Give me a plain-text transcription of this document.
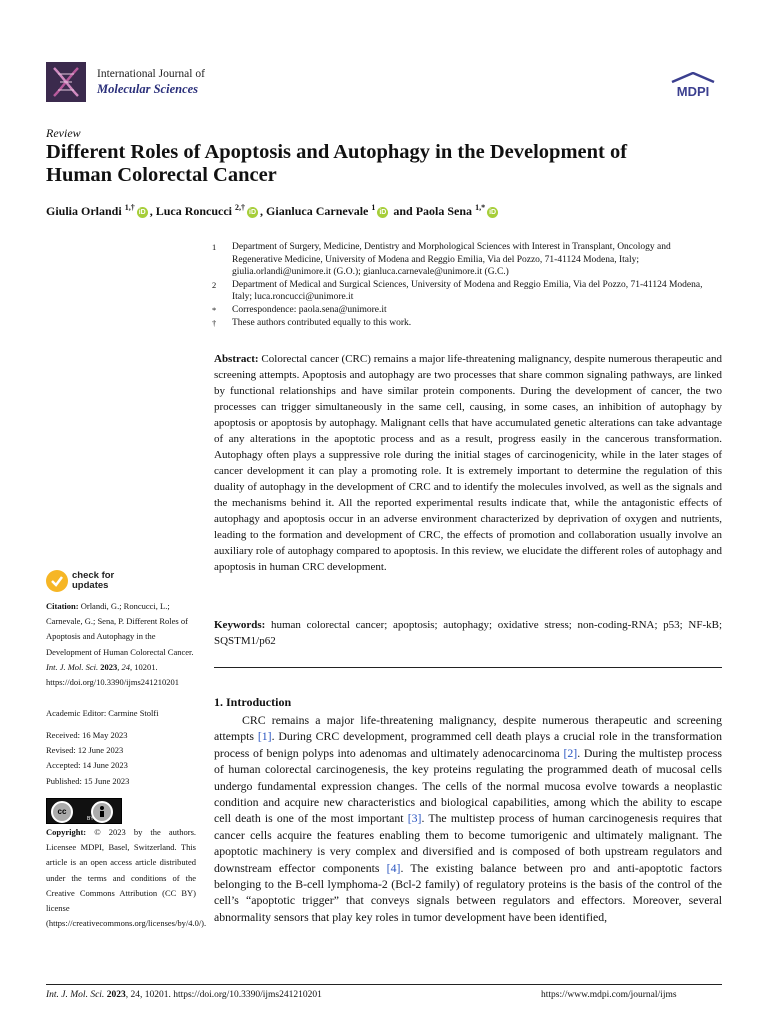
International Journal of
Molecular Sciences	MDPI
Review
Different Roles of Apoptosis and Autophagy in the Development of Human Colorectal Cancer
Giulia Orlandi $^{1,\dagger}$iD , Luca Roncucci $^{2,\dagger}$iD , Gianluca Carnevale $^1$iD and Paola Sena $^{1,*}$iD
1 Department of Surgery, Medicine, Dentistry and Morphological Sciences with Interest in Transplant, Oncology and Regenerative Medicine, University of Modena and Reggio Emilia, Via del Pozzo, 71-41124 Modena, Italy; giulia.orlandi@unimore.it (G.O.); gianluca.carnevale@unimore.it (G.C.)
2 Department of Medical and Surgical Sciences, University of Modena and Reggio Emilia, Via del Pozzo, 71-41124 Modena, Italy; luca.roncucci@unimore.it
* Correspondence: paola.sena@unimore.it
† These authors contributed equally to this work.
Abstract: Colorectal cancer (CRC) remains a major life-threatening malignancy, despite numerous therapeutic and screening attempts. Apoptosis and autophagy are two processes that share common signaling pathways, are linked by functional relationships and have similar protein components. During the development of cancer, the two processes can trigger simultaneously in the same cell, causing, in some cases, an inhibition of autophagy by apoptosis or apoptosis by autophagy. Malignant cells that have accumulated genetic alterations can take advantage of any alterations in the apoptotic process and as a result, progress easily in the cancerous transformation. Autophagy often plays a suppressive role during the initial stages of carcinogenicity, while in the later stages of cancer development it can play a promoting role. It is extremely important to determine the regulation of this duality of autophagy in the development of CRC and to identify the molecules involved, as well as the signals and the mechanisms behind it. All the reported experimental results indicate that, while the antagonistic effects of autophagy and apoptosis occur in an adverse environment characterized by deprivation of oxygen and nutrients, leading to the formation and development of CRC, the effects of promotion and collaboration usually involve an auxiliary role of autophagy compared to apoptosis. In this review, we elucidate the different roles of autophagy and apoptosis in human CRC development.
Keywords: human colorectal cancer; apoptosis; autophagy; oxidative stress; non-coding-RNA; p53; NF-kB; SQSTM1/p62
check for
updates
Citation: Orlandi, G.; Roncucci, L.; Carnevale, G.; Sena, P. Different Roles of Apoptosis and Autophagy in the Development of Human Colorectal Cancer. Int. J. Mol. Sci. 2023, 24, 10201. https://doi.org/10.3390/ijms241210201
Academic Editor: Carmine Stolfi
Received: 16 May 2023
Revised: 12 June 2023
Accepted: 14 June 2023
Published: 15 June 2023
cc
BY
Copyright: © 2023 by the authors. Licensee MDPI, Basel, Switzerland. This article is an open access article distributed under the terms and conditions of the Creative Commons Attribution (CC BY) license (https://creativecommons.org/licenses/by/4.0/).
1. Introduction
CRC remains a major life-threatening malignancy, despite numerous therapeutic and screening attempts [1]. During CRC development, programmed cell death plays a crucial role in the transformation process of benign polyps into adenomas and ultimately adenocarcinoma [2]. During the multistep process of human colorectal carcinogenesis, the key proteins regulating the programmed death of mucosal cells undergo fundamental expression changes. The cells of the normal mucosa evolve towards a neoplastic condition and acquire new characteristics and biological capabilities, among which the ability to escape cell death is one of the most important [3]. The multistep process of human carcinogenesis requires that cancer cells acquire the features enabling them to become tumorigenic and ultimately malignant. The apoptotic machinery is very complex and diversified and is composed of both upstream regulators and downstream effector components [4]. The existing balance between pro and anti-apoptotic factors belonging to the B-cell lymphoma-2 (Bcl-2 family) of regulatory proteins is the basis of the control of the cell’s “apoptotic trigger” that conveys signals between regulators and effectors. Moreover, several abnormality sensors that play key roles in tumor development have been identified,
Int. J. Mol. Sci. 2023, 24, 10201. https://doi.org/10.3390/ijms241210201	https://www.mdpi.com/journal/ijms
